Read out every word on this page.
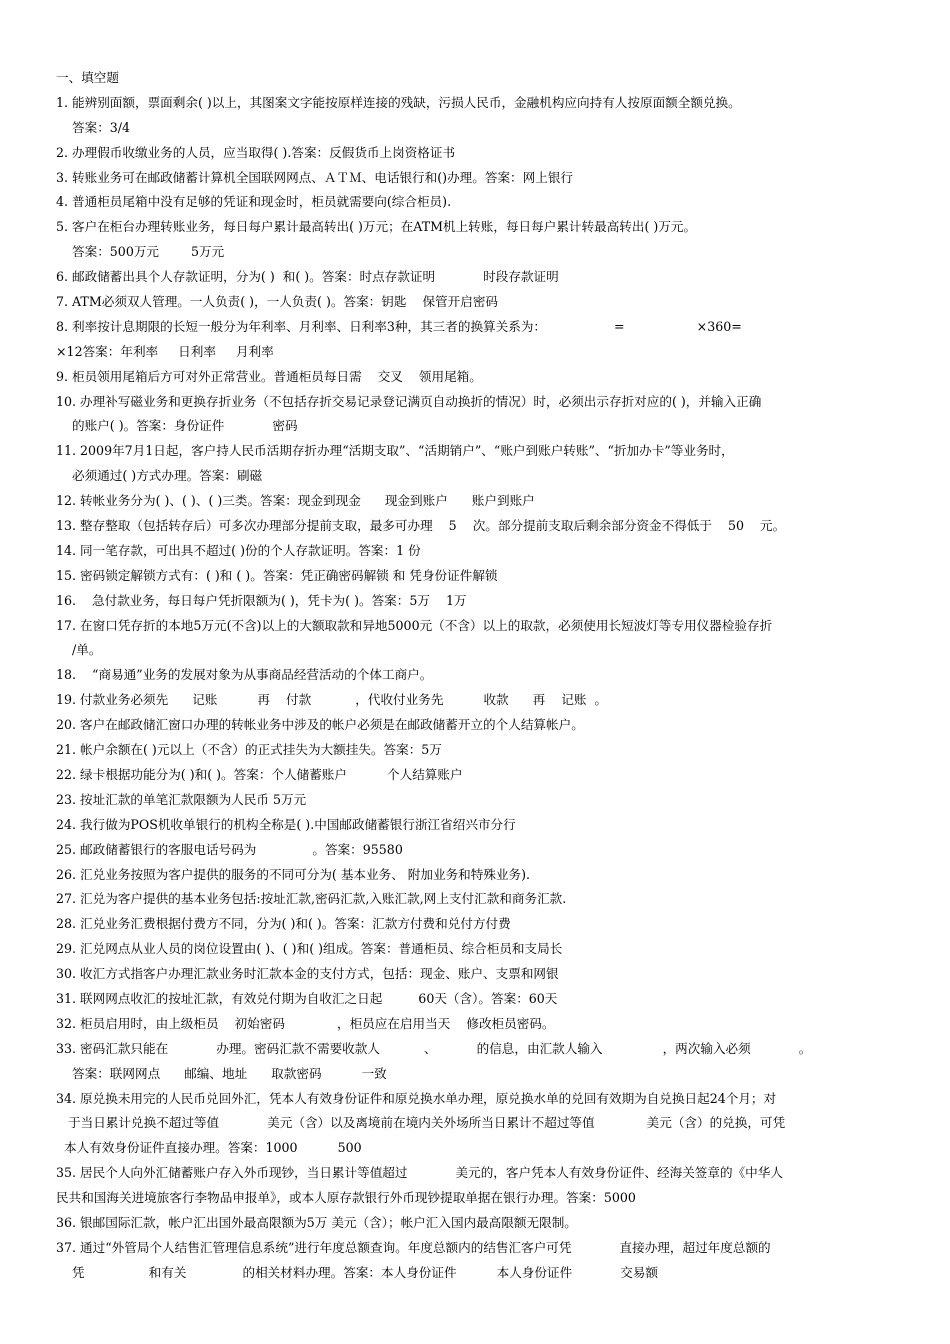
一、填空题
1. 能辨别面额，票面剩余( )以上，其图案文字能按原样连接的残缺，污损人民币，金融机构应向持有人按原面额全额兑换。
答案：3/4
2. 办理假币收缴业务的人员，应当取得( ).答案：反假货币上岗资格证书
3. 转账业务可在邮政储蓄计算机全国联网网点、ＡＴＭ、电话银行和()办理。答案：网上银行
4. 普通柜员尾箱中没有足够的凭证和现金时，柜员就需要向(综合柜员).
5. 客户在柜台办理转账业务，每日每户累计最高转出( )万元；在ATM机上转账，每日每户累计转最高转出( )万元。
答案：500万元        5万元
6. 邮政储蓄出具个人存款证明，分为( )  和( )。答案：时点存款证明            时段存款证明
7. ATM必须双人管理。一人负责( )，一人负责( )。答案：钥匙    保管开启密码
8. 利率按计息期限的长短一般分为年利率、月利率、日利率3种，其三者的换算关系为：                 =                  ×360=
×12答案：年利率     日利率     月利率
9. 柜员领用尾箱后方可对外正常营业。普通柜员每日需    交叉    领用尾箱。
10. 办理补写磁业务和更换存折业务（不包括存折交易记录登记满页自动换折的情况）时，必须出示存折对应的( )，并输入正确
的账户( )。答案：身份证件            密码
11. 2009年7月1日起，客户持人民币活期存折办理“活期支取”、“活期销户”、“账户到账户转账”、“折加办卡”等业务时，
必须通过( )方式办理。答案：刷磁
12. 转帐业务分为( )、( )、( )三类。答案：现金到现金      现金到账户      账户到账户
13. 整存整取（包括转存后）可多次办理部分提前支取，最多可办理    5    次。部分提前支取后剩余部分资金不得低于    50    元。
14. 同一笔存款，可出具不超过( )份的个人存款证明。答案：1 份
15. 密码锁定解锁方式有：( )和 ( )。答案：凭正确密码解锁 和 凭身份证件解锁
16.    急付款业务，每日每户凭折限额为( )，凭卡为( )。答案：5万    1万
17. 在窗口凭存折的本地5万元(不含)以上的大额取款和异地5000元（不含）以上的取款，必须使用长短波灯等专用仪器检验存折
/单。
18.    “商易通”业务的发展对象为从事商品经营活动的个体工商户。
19. 付款业务必须先      记账          再    付款           ，代收付业务先          收款      再    记账  。
20. 客户在邮政储汇窗口办理的转帐业务中涉及的帐户必须是在邮政储蓄开立的个人结算帐户。
21. 帐户余额在( )元以上（不含）的正式挂失为大额挂失。答案：5万
22. 绿卡根据功能分为( )和( )。答案：个人储蓄账户          个人结算账户
23. 按址汇款的单笔汇款限额为人民币 5万元
24. 我行做为POS机收单银行的机构全称是( ).中国邮政储蓄银行浙江省绍兴市分行
25. 邮政储蓄银行的客服电话号码为              。答案：95580
26. 汇兑业务按照为客户提供的服务的不同可分为( 基本业务、 附加业务和特殊业务).
27. 汇兑为客户提供的基本业务包括:按址汇款,密码汇款,入账汇款,网上支付汇款和商务汇款.
28. 汇兑业务汇费根据付费方不同，分为( )和( )。答案：汇款方付费和兑付方付费
29. 汇兑网点从业人员的岗位设置由( )、( )和( )组成。答案：普通柜员、综合柜员和支局长
30. 收汇方式指客户办理汇款业务时汇款本金的支付方式，包括：现金、账户、支票和网银
31. 联网网点收汇的按址汇款，有效兑付期为自收汇之日起         60天（含）。答案：60天
32. 柜员启用时，由上级柜员    初始密码             ，柜员应在启用当天    修改柜员密码。
33. 密码汇款只能在            办理。密码汇款不需要收款人           、          的信息，由汇款人输入               ，两次输入必须            。
答案：联网网点      邮编、地址      取款密码          一致
34. 原兑换未用完的人民币兑回外汇，凭本人有效身份证件和原兑换水单办理，原兑换水单的兑回有效期为自兑换日起24个月；对
于当日累计兑换不超过等值            美元（含）以及离境前在境内关外场所当日累计不超过等值             美元（含）的兑换，可凭
本人有效身份证件直接办理。答案：1000          500
35. 居民个人向外汇储蓄账户存入外币现钞，当日累计等值超过            美元的，客户凭本人有效身份证件、经海关签章的《中华人
民共和国海关进境旅客行李物品申报单》，或本人原存款银行外币现钞提取单据在银行办理。答案：5000
36. 银邮国际汇款，帐户汇出国外最高限额为5万 美元（含）；帐户汇入国内最高限额无限制。
37. 通过“外管局个人结售汇管理信息系统”进行年度总额查询。年度总额内的结售汇客户可凭            直接办理，超过年度总额的
凭                和有关              的相关材料办理。答案：本人身份证件          本人身份证件            交易额
